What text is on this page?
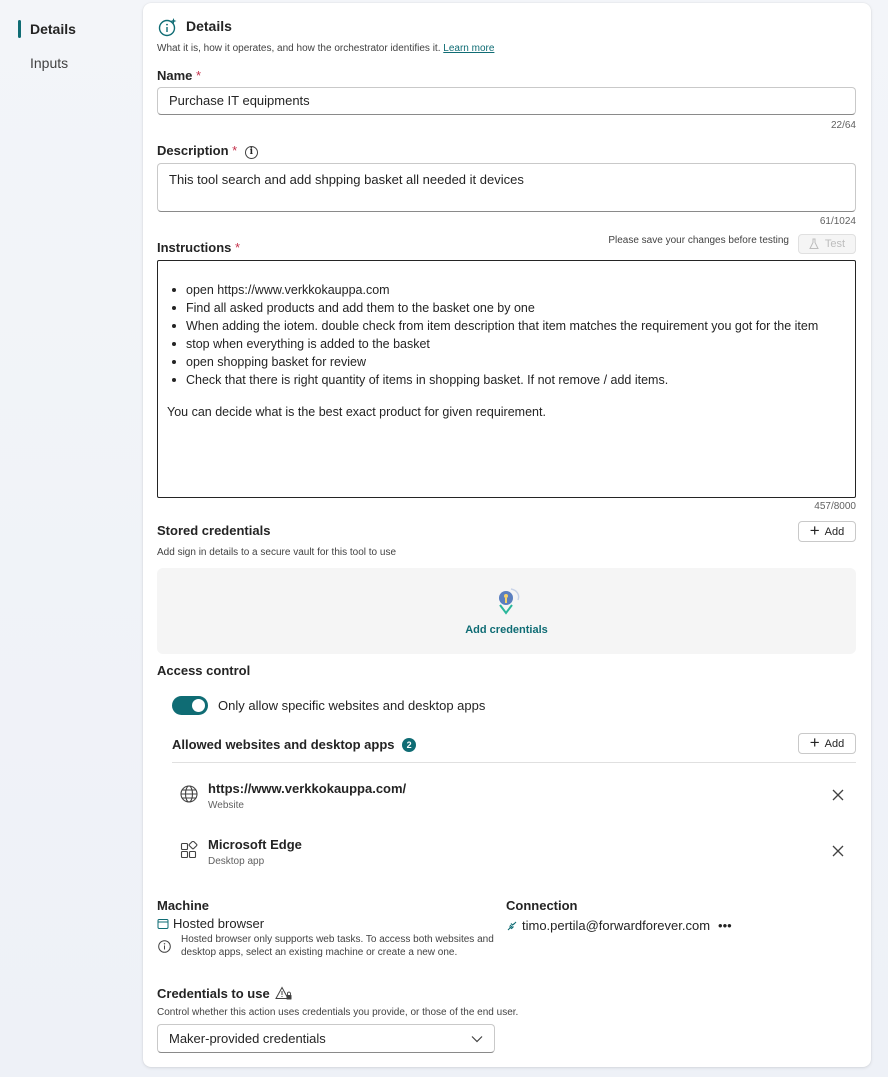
Details
Inputs
Details
What it is, how it operates, and how the orchestrator identifies it. Learn more
Name *
Purchase IT equipments
22/64
Description * i
This tool search and add shpping basket all needed it devices
61/1024
Instructions *	Please save your changes before testing	Test
open https://www.verkkokauppa.com
Find all asked products and add them to the basket one by one
When adding the iotem. double check from item description that item matches the requirement you got for the item
stop when everything is added to the basket
open shopping basket for review
Check that there is right quantity of items in shopping basket. If not remove / add items.

You can decide what is the best exact product for given requirement.

457/8000
Stored credentials
Add sign in details to a secure vault for this tool to use
+ Add
Add credentials
Access control
Only allow specific websites and desktop apps
Allowed websites and desktop apps 2	+ Add
https://www.verkkokauppa.com/
Website
Microsoft Edge
Desktop app
Machine
Hosted browser
Hosted browser only supports web tasks. To access both websites and desktop apps, select an existing machine or create a new one.
Connection
timo.pertila@forwardforever.com •••
Credentials to use
Control whether this action uses credentials you provide, or those of the end user.
Maker-provided credentials
